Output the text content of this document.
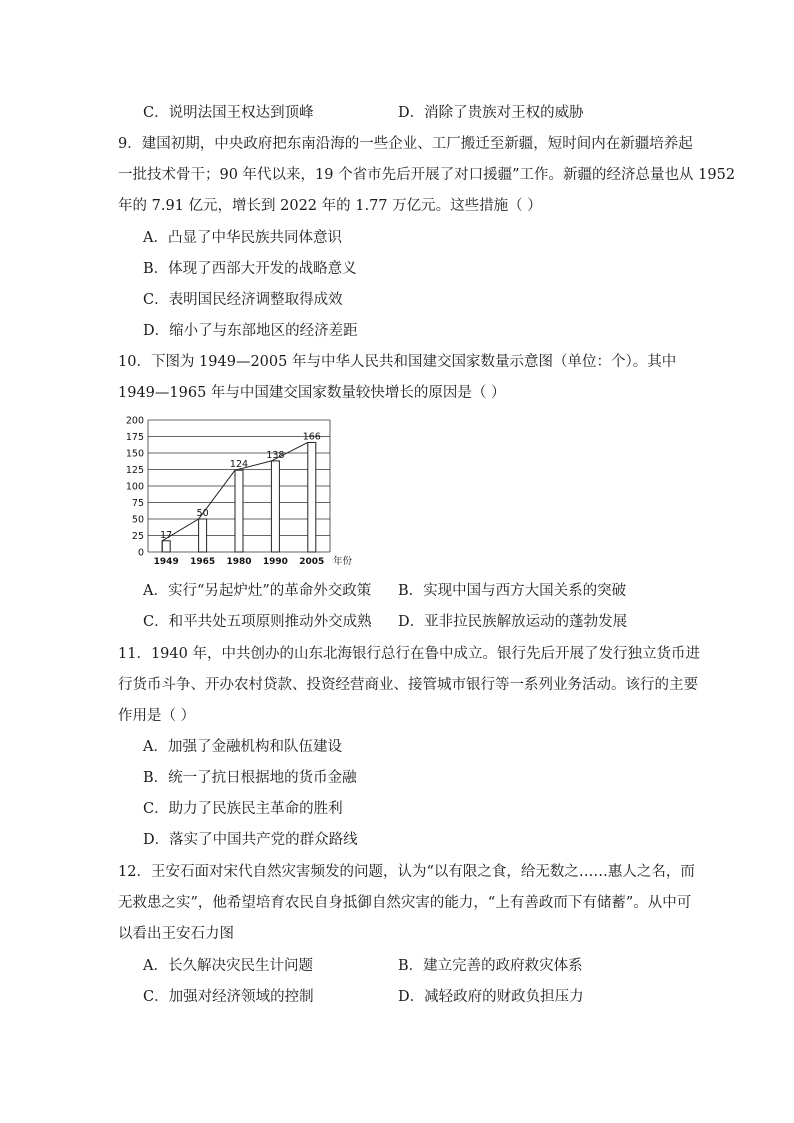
C．说明法国王权达到顶峰	D．消除了贵族对王权的威胁
9．建国初期，中央政府把东南沿海的一些企业、工厂搬迁至新疆，短时间内在新疆培养起
一批技术骨干；90 年代以来，19 个省市先后开展了对口援疆”工作。新疆的经济总量也从 1952
年的 7.91 亿元，增长到 2022 年的 1.77 万亿元。这些措施（ ）
A．凸显了中华民族共同体意识
B．体现了西部大开发的战略意义
C．表明国民经济调整取得成效
D．缩小了与东部地区的经济差距
10．下图为 1949—2005 年与中华人民共和国建交国家数量示意图（单位：个）。其中
1949—1965 年与中国建交国家数量较快增长的原因是（ ）
0
25
50
75
100
125
150
175
200
17
50
124
138
166
1949 1965 1980 1990 2005 年份
A．实行“另起炉灶”的革命外交政策 B．实现中国与西方大国关系的突破
C．和平共处五项原则推动外交成熟 D．亚非拉民族解放运动的蓬勃发展
11．1940 年，中共创办的山东北海银行总行在鲁中成立。银行先后开展了发行独立货币进
行货币斗争、开办农村贷款、投资经营商业、接管城市银行等一系列业务活动。该行的主要
作用是（ ）
A．加强了金融机构和队伍建设
B．统一了抗日根据地的货币金融
C．助力了民族民主革命的胜利
D．落实了中国共产党的群众路线
12．王安石面对宋代自然灾害频发的问题，认为“以有限之食，给无数之……惠人之名，而
无救患之实”，他希望培育农民自身抵御自然灾害的能力，“上有善政而下有储蓄”。从中可
以看出王安石力图
A．长久解决灾民生计问题	B．建立完善的政府救灾体系
C．加强对经济领域的控制	D．减轻政府的财政负担压力
